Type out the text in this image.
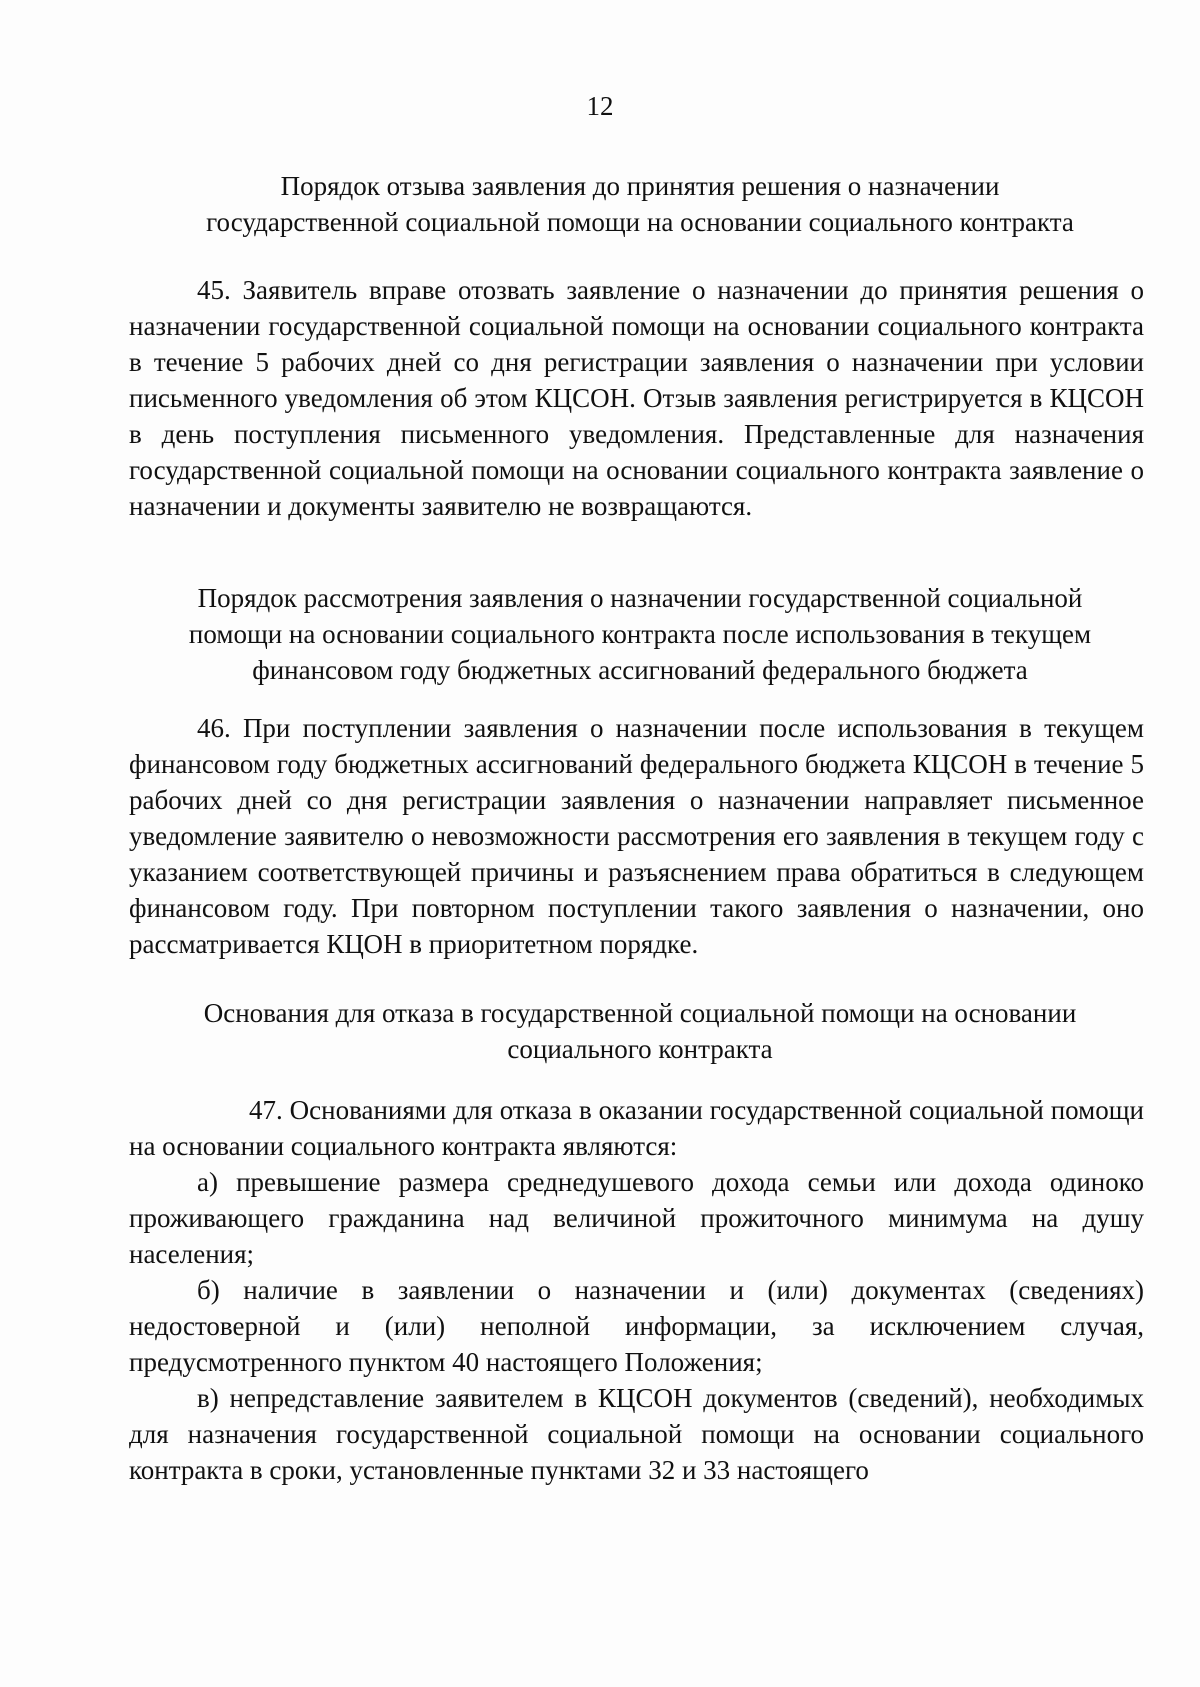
12
Порядок отзыва заявления до принятия решения о назначении
государственной социальной помощи на основании социального контракта

45. Заявитель вправе отозвать заявление о назначении до принятия решения о назначении государственной социальной помощи на основании социального контракта в течение 5 рабочих дней со дня регистрации заявления о назначении при условии письменного уведомления об этом КЦСОН. Отзыв заявления регистрируется в КЦСОН в день поступления письменного уведомления. Представленные для назначения государственной социальной помощи на основании социального контракта заявление о назначении и документы заявителю не возвращаются.

Порядок рассмотрения заявления о назначении государственной социальной
помощи на основании социального контракта после использования в текущем
финансовом году бюджетных ассигнований федерального бюджета

46. При поступлении заявления о назначении после использования в текущем финансовом году бюджетных ассигнований федерального бюджета КЦСОН в течение 5 рабочих дней со дня регистрации заявления о назначении направляет письменное уведомление заявителю о невозможности рассмотрения его заявления в текущем году с указанием соответствующей причины и разъяснением права обратиться в следующем финансовом году. При повторном поступлении такого заявления о назначении, оно рассматривается КЦОН в приоритетном порядке.

Основания для отказа в государственной социальной помощи на основании
социального контракта

47. Основаниями для отказа в оказании государственной социальной помощи на основании социального контракта являются:

а) превышение размера среднедушевого дохода семьи или дохода одиноко проживающего гражданина над величиной прожиточного минимума на душу населения;

б) наличие в заявлении о назначении и (или) документах (сведениях) недостоверной и (или) неполной информации, за исключением случая, предусмотренного пунктом 40 настоящего Положения;

в) непредставление заявителем в КЦСОН документов (сведений), необходимых для назначения государственной социальной помощи на основании социального контракта в сроки, установленные пунктами 32 и 33 настоящего
